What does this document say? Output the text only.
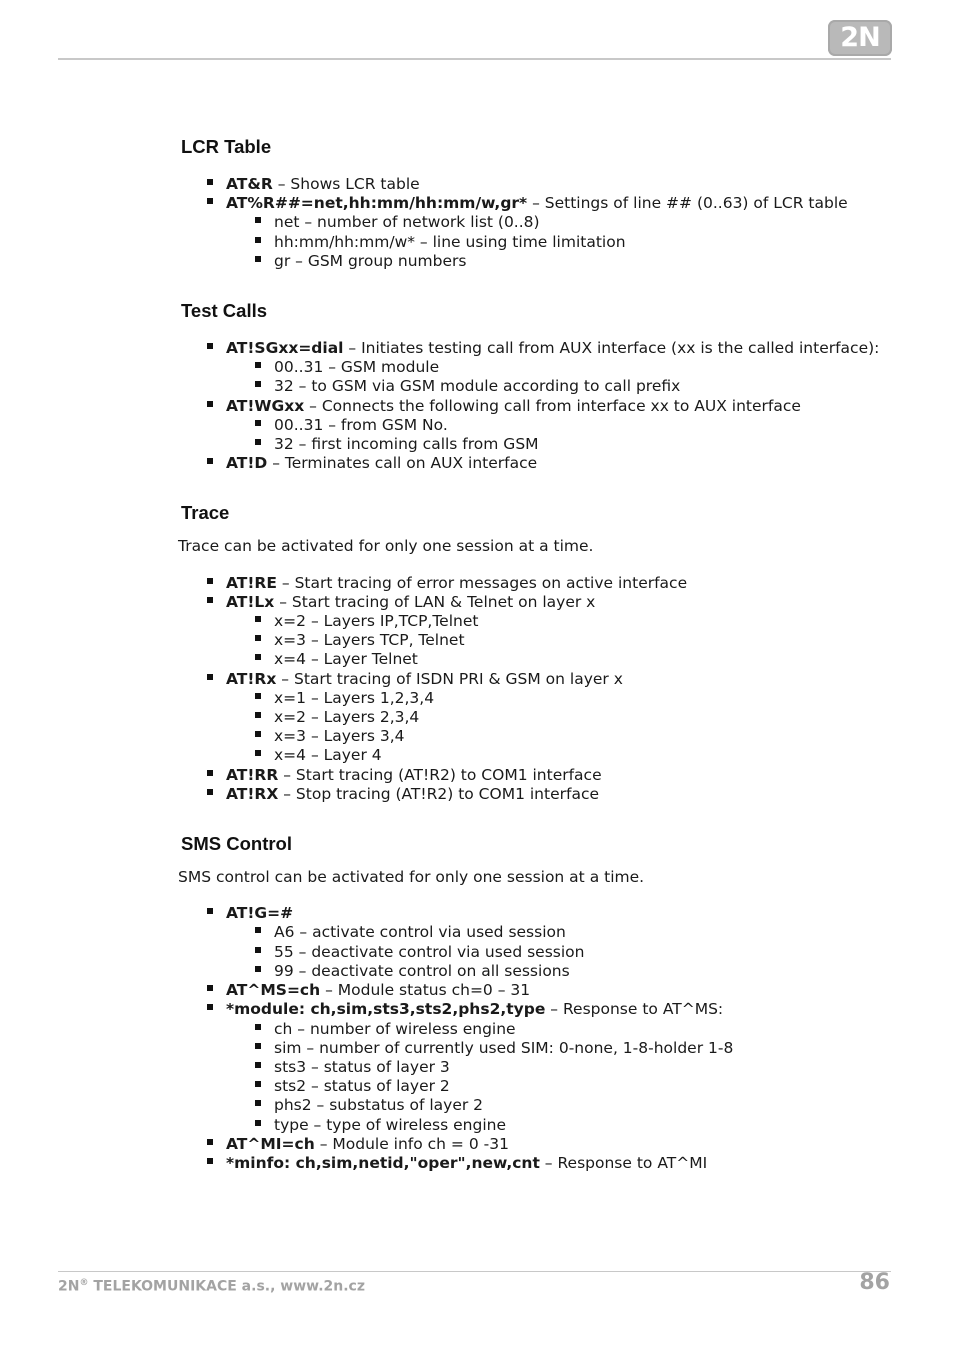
2N
LCR Table
AT&R – Shows LCR table
AT%R##=net,hh:mm/hh:mm/w,gr* – Settings of line ## (0..63) of LCR table
net – number of network list (0..8)
hh:mm/hh:mm/w* – line using time limitation
gr – GSM group numbers
Test Calls
AT!SGxx=dial – Initiates testing call from AUX interface (xx is the called interface):
00..31 – GSM module
32 – to GSM via GSM module according to call prefix
AT!WGxx – Connects the following call from interface xx to AUX interface
00..31 – from GSM No.
32 – first incoming calls from GSM
AT!D – Terminates call on AUX interface
Trace

Trace can be activated for only one session at a time.

AT!RE – Start tracing of error messages on active interface
AT!Lx – Start tracing of LAN & Telnet on layer x
x=2 – Layers IP,TCP,Telnet
x=3 – Layers TCP, Telnet
x=4 – Layer Telnet
AT!Rx – Start tracing of ISDN PRI & GSM on layer x
x=1 – Layers 1,2,3,4
x=2 – Layers 2,3,4
x=3 – Layers 3,4
x=4 – Layer 4
AT!RR – Start tracing (AT!R2) to COM1 interface
AT!RX – Stop tracing (AT!R2) to COM1 interface
SMS Control

SMS control can be activated for only one session at a time.

AT!G=#
A6 – activate control via used session
55 – deactivate control via used session
99 – deactivate control on all sessions
AT^MS=ch – Module status ch=0 – 31
*module: ch,sim,sts3,sts2,phs2,type – Response to AT^MS:
ch – number of wireless engine
sim – number of currently used SIM: 0-none, 1-8-holder 1-8
sts3 – status of layer 3
sts2 – status of layer 2
phs2 – substatus of layer 2
type – type of wireless engine
AT^MI=ch – Module info ch = 0 -31
*minfo: ch,sim,netid,"oper",new,cnt – Response to AT^MI
2N® TELEKOMUNIKACE a.s., www.2n.cz	86
